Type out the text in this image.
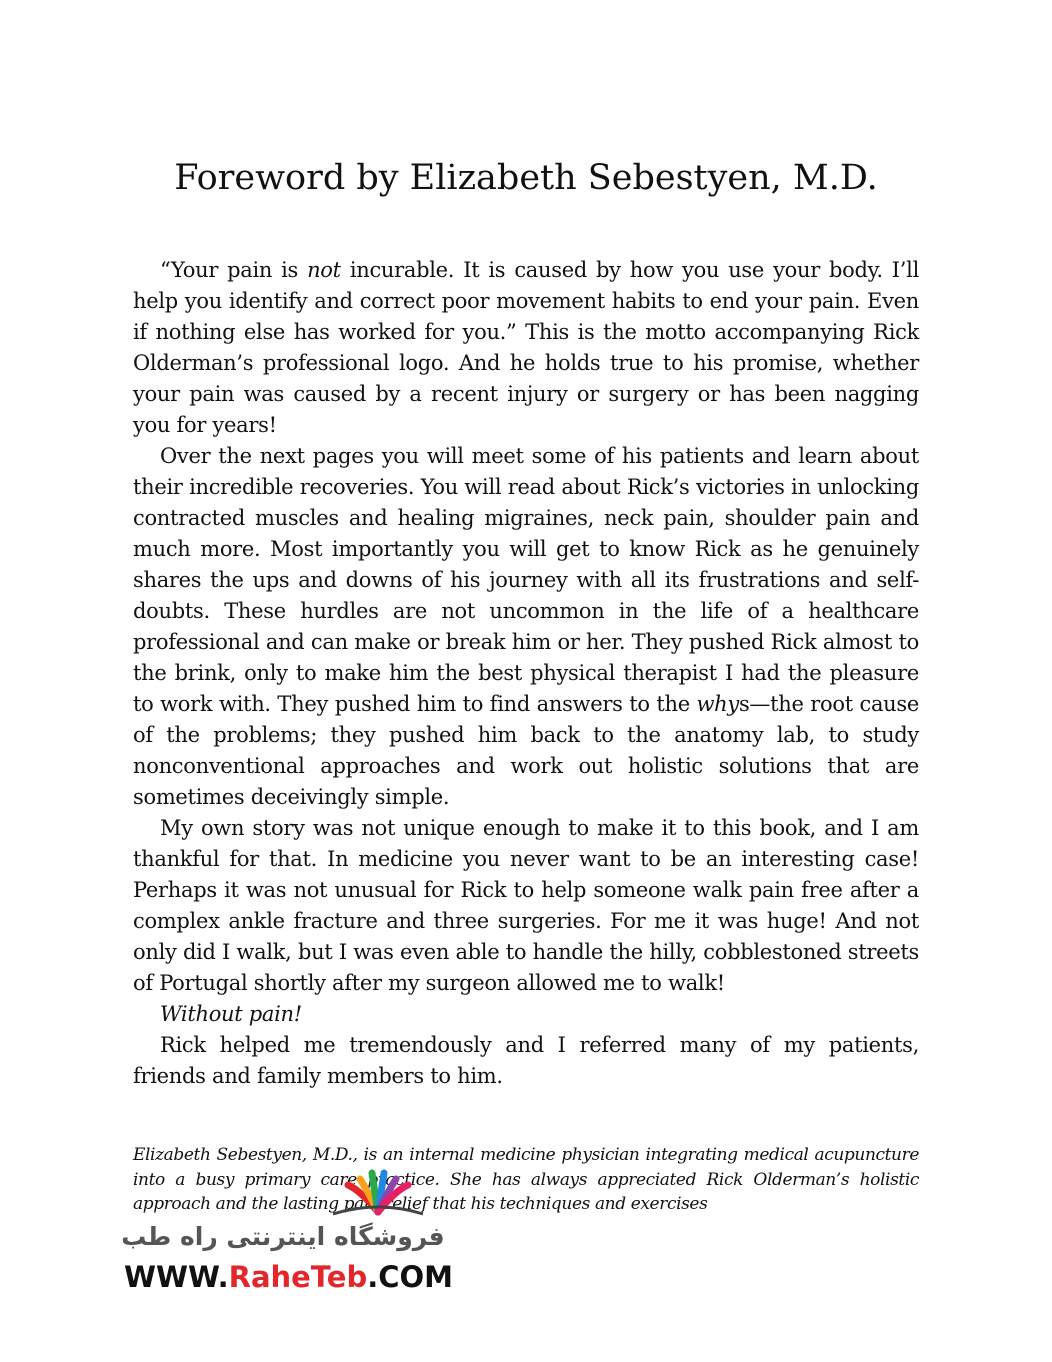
Foreword by Elizabeth Sebestyen, M.D.

“Your pain is not incurable. It is caused by how you use your body. I’ll help you identify and correct poor movement habits to end your pain. Even if nothing else has worked for you.” This is the motto accompanying Rick Olderman’s professional logo. And he holds true to his promise, whether your pain was caused by a recent injury or surgery or has been nagging you for years!

Over the next pages you will meet some of his patients and learn about their incredible recoveries. You will read about Rick’s victories in unlocking contracted muscles and healing migraines, neck pain, shoulder pain and much more. Most importantly you will get to know Rick as he genuinely shares the ups and downs of his journey with all its frustrations and self-doubts. These hurdles are not uncommon in the life of a healthcare professional and can make or break him or her. They pushed Rick almost to the brink, only to make him the best physical therapist I had the pleasure to work with. They pushed him to find answers to the whys—the root cause of the problems; they pushed him back to the anatomy lab, to study nonconventional approaches and work out holistic solutions that are sometimes deceivingly simple.

My own story was not unique enough to make it to this book, and I am thankful for that. In medicine you never want to be an interesting case! Perhaps it was not unusual for Rick to help someone walk pain free after a complex ankle fracture and three surgeries. For me it was huge! And not only did I walk, but I was even able to handle the hilly, cobblestoned streets of Portugal shortly after my surgeon allowed me to walk!

Without pain!

Rick helped me tremendously and I referred many of my patients, friends and family members to him.

Elizabeth Sebestyen, M.D., is an internal medicine physician integrating medical acupuncture into a busy primary care practice. She has always appreciated Rick Olderman’s holistic approach and the lasting pain relief that his techniques and exercises

فروشگاه اینترنتی راه طب
WWW.RaheTeb.COM
